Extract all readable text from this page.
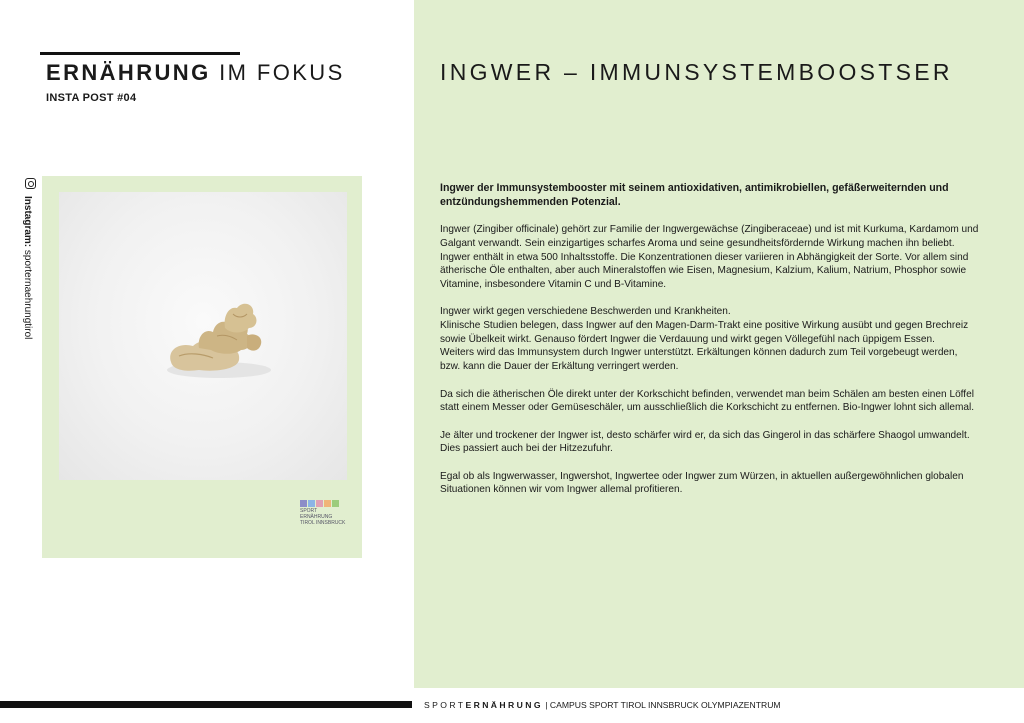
ERNÄHRUNG IM FOKUS
INSTA POST #04
INGWER – IMMUNSYSTEMBOOSTSER
Instagram: sporternaehrungtirol
SPORT ERNÄHRUNG
TIROL INNSBRUCK

Ingwer der Immunsystembooster mit seinem antioxidativen, antimikrobiellen, gefäßerweiternden und entzündungshemmenden Potenzial.

Ingwer (Zingiber officinale) gehört zur Familie der Ingwergewächse (Zingiberaceae) und ist mit Kurkuma, Kardamom und Galgant verwandt. Sein einzigartiges scharfes Aroma und seine gesundheitsfördernde Wirkung machen ihn beliebt.
Ingwer enthält in etwa 500 Inhaltsstoffe. Die Konzentrationen dieser variieren in Abhängigkeit der Sorte. Vor allem sind ätherische Öle enthalten, aber auch Mineralstoffen wie Eisen, Magnesium, Kalzium, Kalium, Natrium, Phosphor sowie Vitamine, insbesondere Vitamin C und B-Vitamine.

Ingwer wirkt gegen verschiedene Beschwerden und Krankheiten.
Klinische Studien belegen, dass Ingwer auf den Magen-Darm-Trakt eine positive Wirkung ausübt und gegen Brechreiz sowie Übelkeit wirkt. Genauso fördert Ingwer die Verdauung und wirkt gegen Völlegefühl nach üppigem Essen.
Weiters wird das Immunsystem durch Ingwer unterstützt. Erkältungen können dadurch zum Teil vorgebeugt werden, bzw. kann die Dauer der Erkältung verringert werden.

Da sich die ätherischen Öle direkt unter der Korkschicht befinden, verwendet man beim Schälen am besten einen Löffel statt einem Messer oder Gemüseschäler, um ausschließlich die Korkschicht zu entfernen. Bio-Ingwer lohnt sich allemal.

Je älter und trockener der Ingwer ist, desto schärfer wird er, da sich das Gingerol in das schärfere Shaogol umwandelt. Dies passiert auch bei der Hitzezufuhr.

Egal ob als Ingwerwasser, Ingwershot, Ingwertee oder Ingwer zum Würzen, in aktuellen außergewöhnlichen globalen Situationen können wir vom Ingwer allemal profitieren.

SPORTERNÄHRUNG | CAMPUS SPORT TIROL INNSBRUCK OLYMPIAZENTRUM
